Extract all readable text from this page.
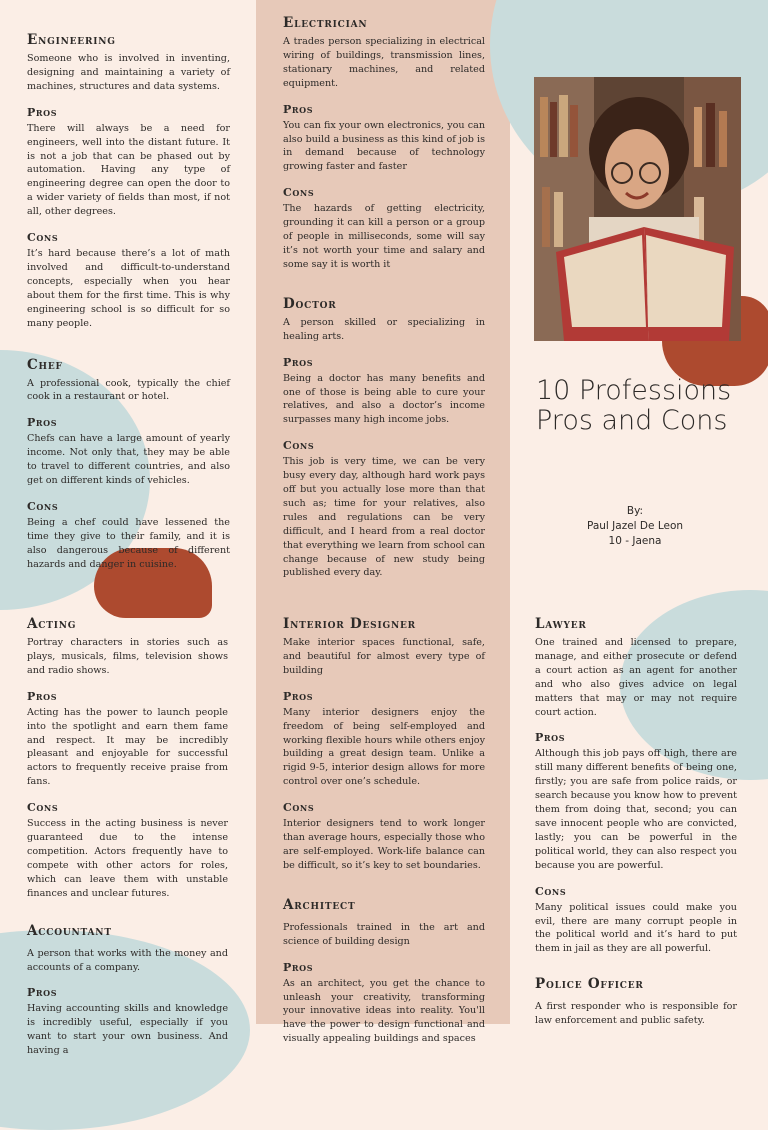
10 Professions
Pros and Cons
By:
Paul Jazel De Leon
10 - Jaena
Engineering

Someone who is involved in inventing, designing and maintaining a variety of machines, structures and data systems.

Pros

There will always be a need for engineers, well into the distant future. It is not a job that can be phased out by automation. Having any type of engineering degree can open the door to a wider variety of fields than most, if not all, other degrees.

Cons

It’s hard because there’s a lot of math involved and difficult-to-understand concepts, especially when you hear about them for the first time. This is why engineering school is so difficult for so many people.

Chef

A professional cook, typically the chief cook in a restaurant or hotel.

Pros

Chefs can have a large amount of yearly income. Not only that, they may be able to travel to different countries, and also get on different kinds of vehicles.

Cons

Being a chef could have lessened the time they give to their family, and it is also dangerous because of different hazards and danger in cuisine.

Electrician

A trades person specializing in electrical wiring of buildings, transmission lines, stationary machines, and related equipment.

Pros

You can fix your own electronics, you can also build a business as this kind of job is in demand because of technology growing faster and faster

Cons

The hazards of getting electricity, grounding it can kill a person or a group of people in milliseconds, some will say it’s not worth your time and salary and some say it is worth it

Doctor

A person skilled or specializing in healing arts.

Pros

Being a doctor has many benefits and one of those is being able to cure your relatives, and also a doctor’s income surpasses many high income jobs.

Cons

This job is very time, we can be very busy every day, although hard work pays off but you actually lose more than that such as; time for your relatives, also rules and regulations can be very difficult, and I heard from a real doctor that everything we learn from school can change because of new study being published every day.

Acting

Portray characters in stories such as plays, musicals, films, television shows and radio shows.

Pros

Acting has the power to launch people into the spotlight and earn them fame and respect. It may be incredibly pleasant and enjoyable for successful actors to frequently receive praise from fans.

Cons

Success in the acting business is never guaranteed due to the intense competition. Actors frequently have to compete with other actors for roles, which can leave them with unstable finances and unclear futures.

Accountant

A person that works with the money and accounts of a company.

Pros

Having accounting skills and knowledge is incredibly useful, especially if you want to start your own business. And having a

Interior Designer

Make interior spaces functional, safe, and beautiful for almost every type of building

Pros

Many interior designers enjoy the freedom of being self-employed and working flexible hours while others enjoy building a great design team. Unlike a rigid 9-5, interior design allows for more control over one’s schedule.

Cons

Interior designers tend to work longer than average hours, especially those who are self-employed. Work-life balance can be difficult, so it’s key to set boundaries.

Architect

Professionals trained in the art and science of building design

Pros

As an architect, you get the chance to unleash your creativity, transforming your innovative ideas into reality. You'll have the power to design functional and visually appealing buildings and spaces

Lawyer

One trained and licensed to prepare, manage, and either prosecute or defend a court action as an agent for another and who also gives advice on legal matters that may or may not require court action.

Pros

Although this job pays off high, there are still many different benefits of being one, firstly; you are safe from police raids, or search because you know how to prevent them from doing that, second; you can save innocent people who are convicted, lastly; you can be powerful in the political world, they can also respect you because you are powerful.

Cons

Many political issues could make you evil, there are many corrupt people in the political world and it’s hard to put them in jail as they are all powerful.

Police Officer

A first responder who is responsible for law enforcement and public safety.
